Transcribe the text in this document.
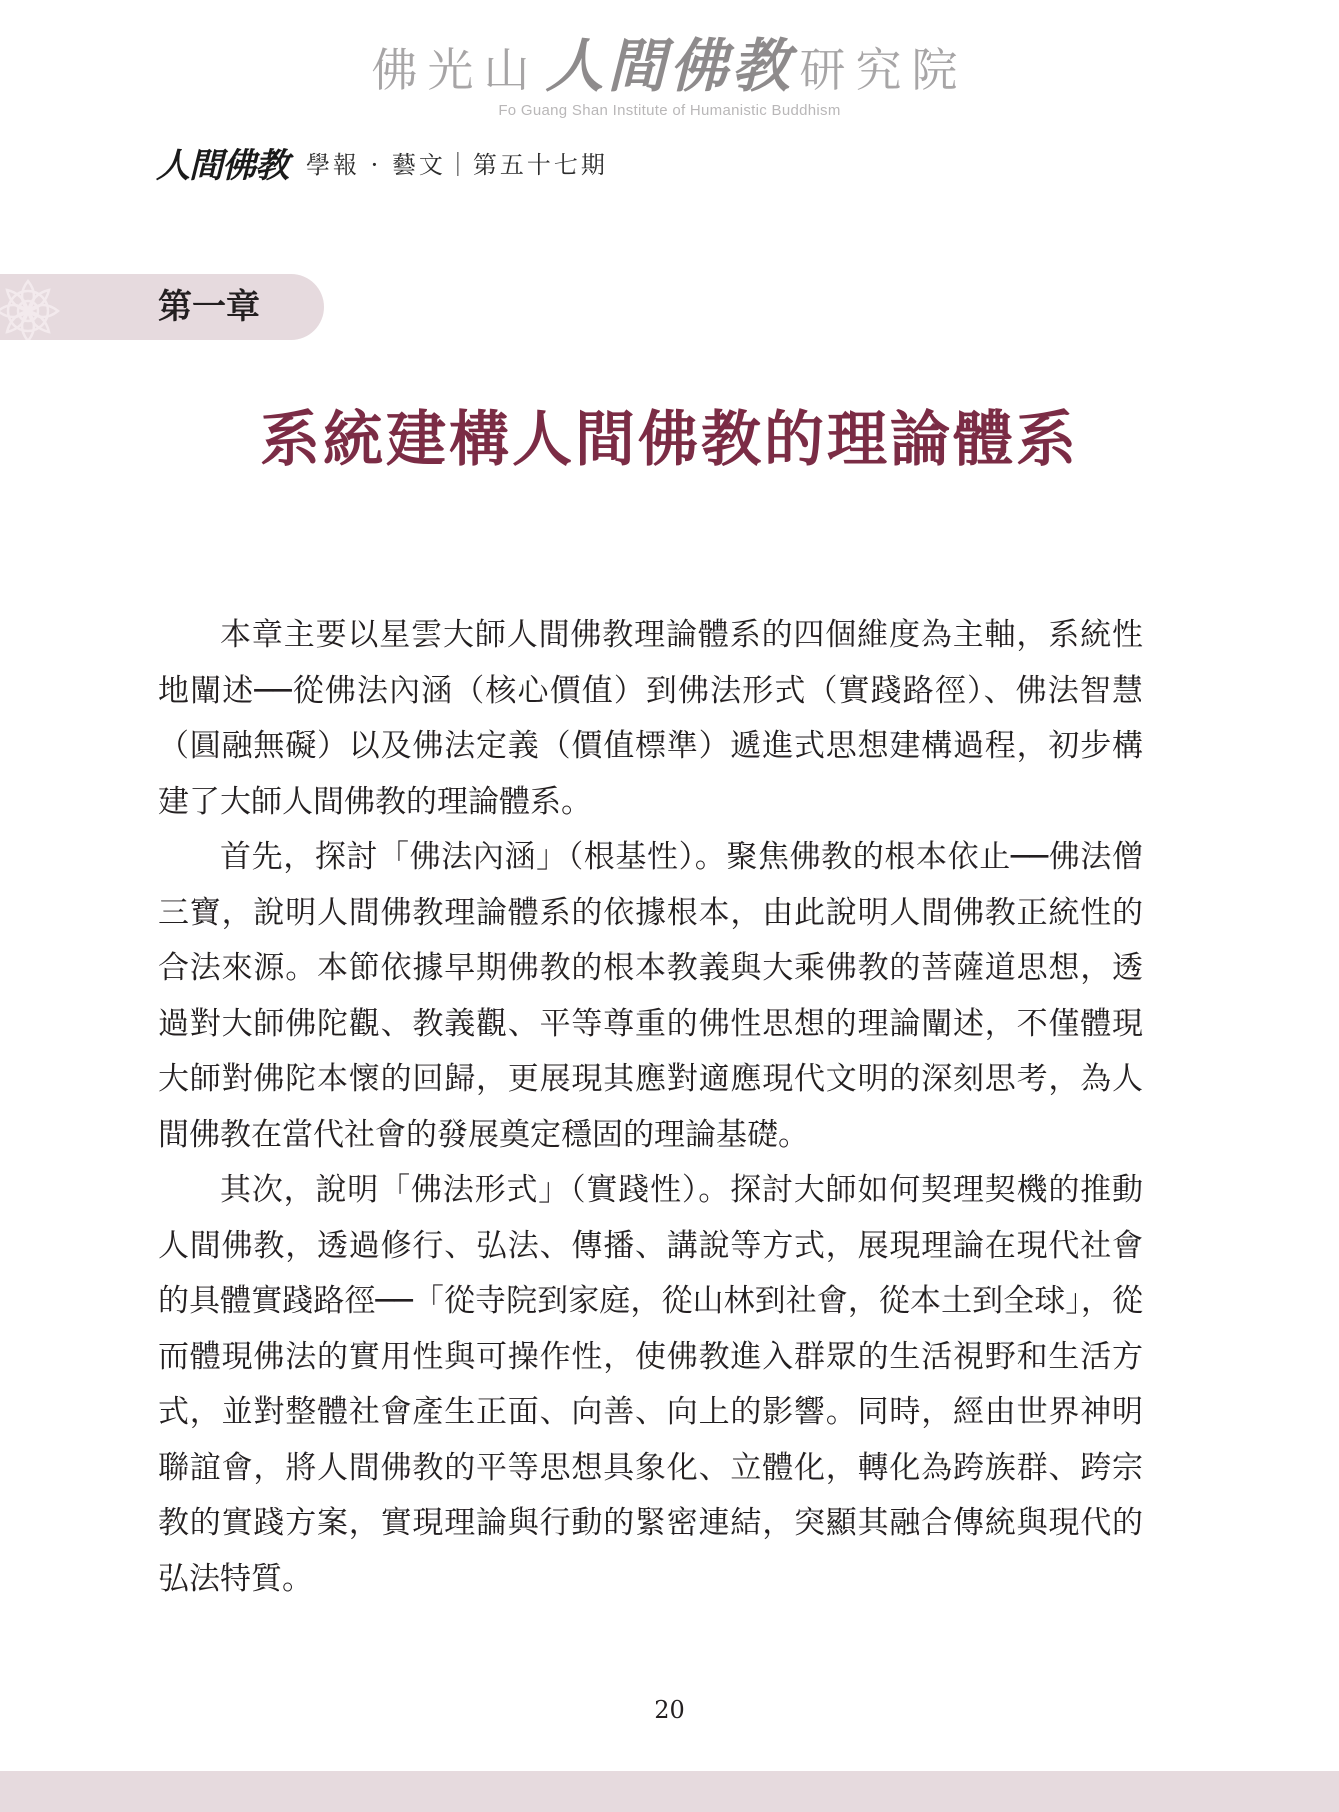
佛光山 人間佛教 研究院
Fo Guang Shan Institute of Humanistic Buddhism
人間佛教 學報 · 藝文｜第五十七期
第一章
系統建構人間佛教的理論體系

本章主要以星雲大師人間佛教理論體系的四個維度為主軸，系統性地闡述──從佛法內涵（核心價值）到佛法形式（實踐路徑）、佛法智慧（圓融無礙）以及佛法定義（價值標準）遞進式思想建構過程，初步構建了大師人間佛教的理論體系。

首先，探討「佛法內涵」（根基性）。聚焦佛教的根本依止──佛法僧三寶，說明人間佛教理論體系的依據根本，由此說明人間佛教正統性的合法來源。本節依據早期佛教的根本教義與大乘佛教的菩薩道思想，透過對大師佛陀觀、教義觀、平等尊重的佛性思想的理論闡述，不僅體現大師對佛陀本懷的回歸，更展現其應對適應現代文明的深刻思考，為人間佛教在當代社會的發展奠定穩固的理論基礎。

其次，說明「佛法形式」（實踐性）。探討大師如何契理契機的推動人間佛教，透過修行、弘法、傳播、講說等方式，展現理論在現代社會的具體實踐路徑──「從寺院到家庭，從山林到社會，從本土到全球」，從而體現佛法的實用性與可操作性，使佛教進入群眾的生活視野和生活方式，並對整體社會產生正面、向善、向上的影響。同時，經由世界神明聯誼會，將人間佛教的平等思想具象化、立體化，轉化為跨族群、跨宗教的實踐方案，實現理論與行動的緊密連結，突顯其融合傳統與現代的弘法特質。

20
